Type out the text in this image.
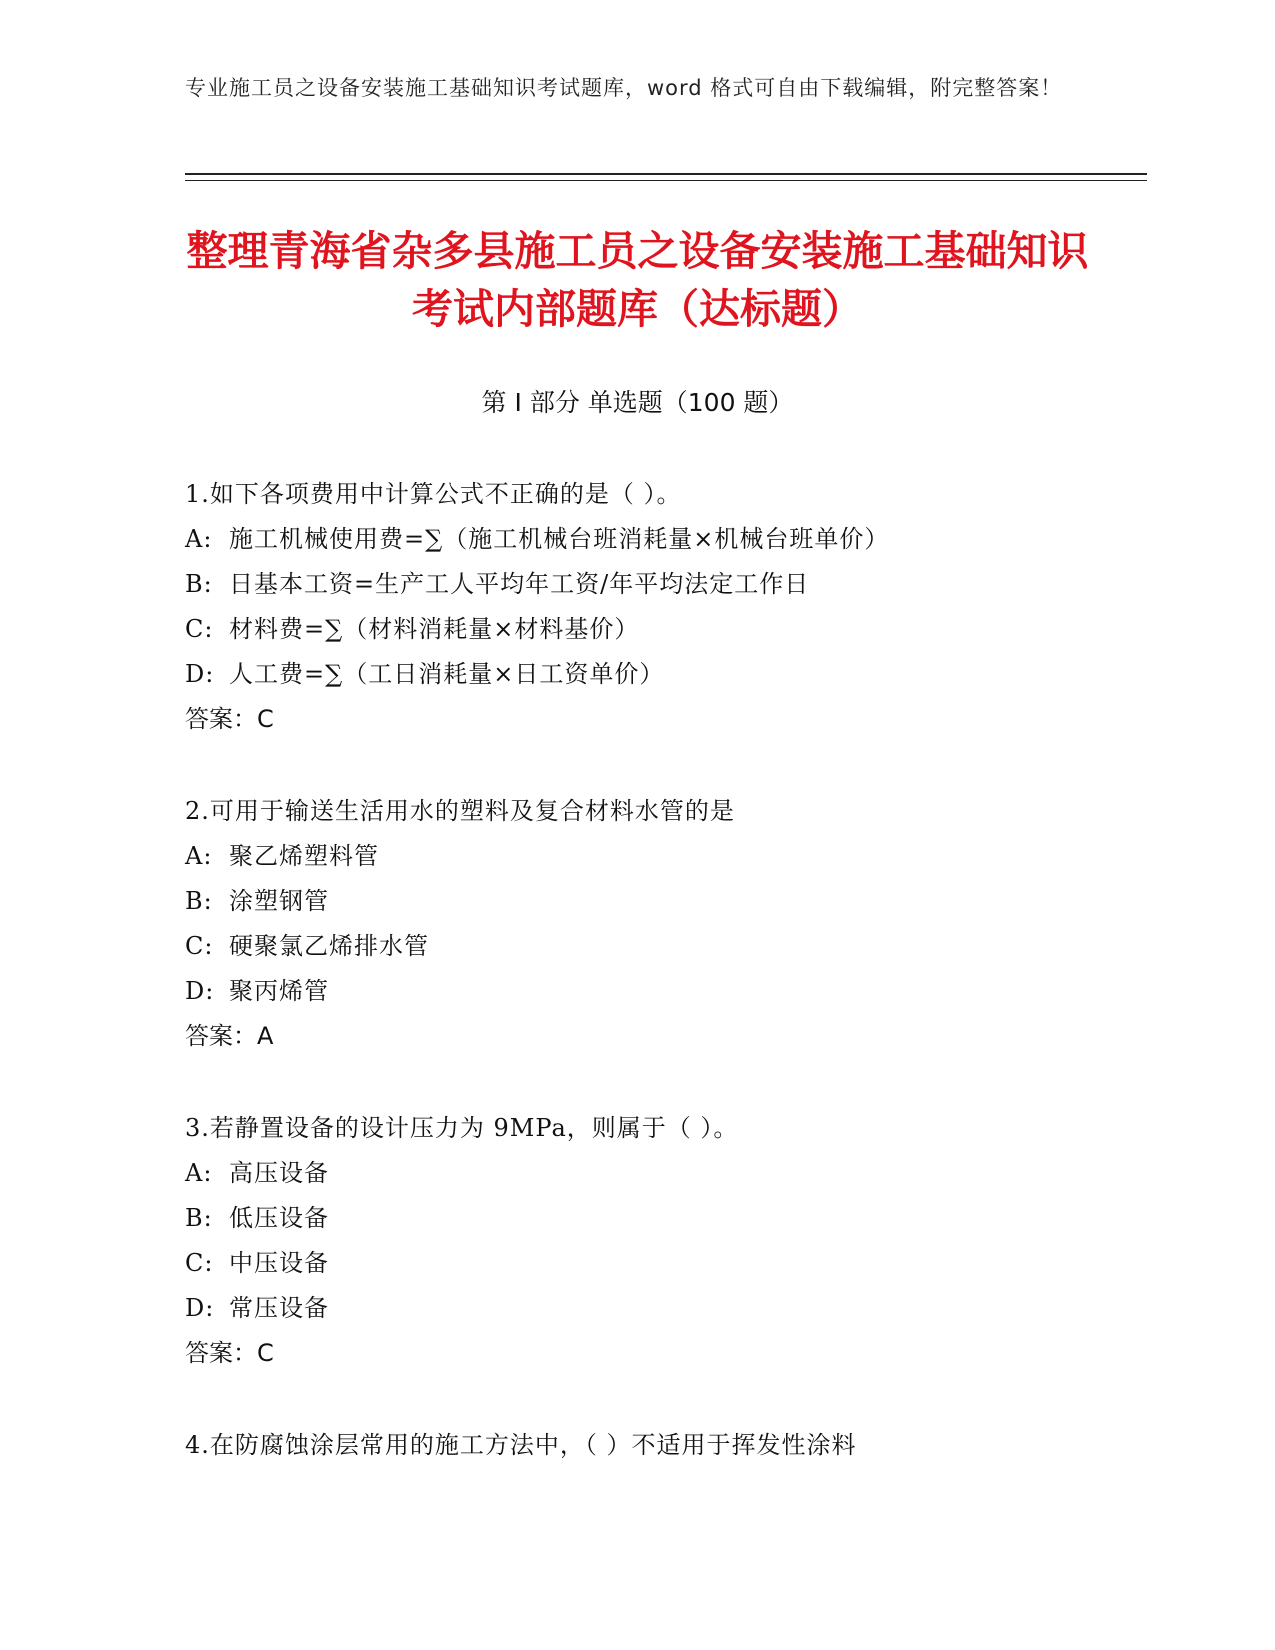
专业施工员之设备安装施工基础知识考试题库，word 格式可自由下载编辑，附完整答案！
整理青海省杂多县施工员之设备安装施工基础知识考试内部题库（达标题）
第 I 部分 单选题（100 题）
1.如下各项费用中计算公式不正确的是（ ）。
A: 施工机械使用费=∑（施工机械台班消耗量×机械台班单价）
B: 日基本工资=生产工人平均年工资/年平均法定工作日
C: 材料费=∑（材料消耗量×材料基价）
D: 人工费=∑（工日消耗量×日工资单价）
答案：C
2.可用于输送生活用水的塑料及复合材料水管的是
A: 聚乙烯塑料管
B: 涂塑钢管
C: 硬聚氯乙烯排水管
D: 聚丙烯管
答案：A
3.若静置设备的设计压力为 9MPa，则属于（ ）。
A: 高压设备
B: 低压设备
C: 中压设备
D: 常压设备
答案：C
4.在防腐蚀涂层常用的施工方法中，（ ）不适用于挥发性涂料
